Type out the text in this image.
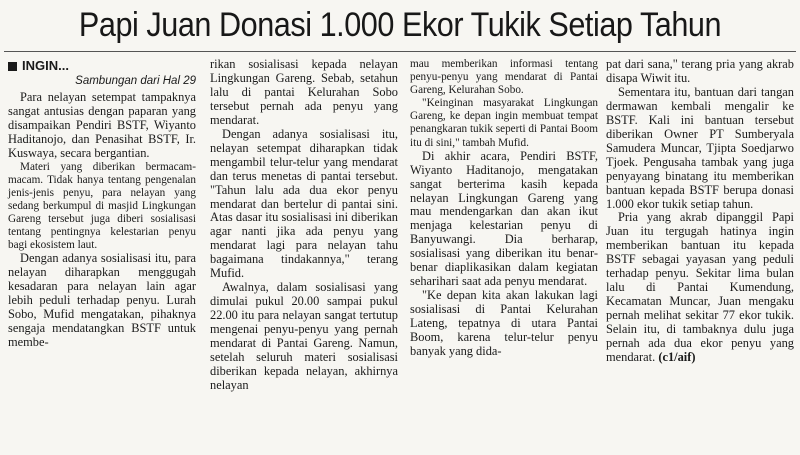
Papi Juan Donasi 1.000 Ekor Tukik Setiap Tahun
INGIN...
Sambungan dari Hal 29

Para nelayan setempat tampaknya sangat antusias dengan paparan yang disampaikan Pendiri BSTF, Wiyanto Haditanojo, dan Penasihat BSTF, Ir. Kuswaya, secara bergantian.

Materi yang diberikan bermacam-macam. Tidak hanya tentang pengenalan jenis-jenis penyu, para nelayan yang sedang berkumpul di masjid Lingkungan Gareng tersebut juga diberi sosialisasi tentang pentingnya kelestarian penyu bagi ekosistem laut.

Dengan adanya sosialisasi itu, para nelayan diharapkan menggugah kesadaran para nelayan lain agar lebih peduli terhadap penyu. Lurah Sobo, Mufid mengatakan, pihaknya sengaja mendatangkan BSTF untuk membe-

rikan sosialisasi kepada nelayan Lingkungan Gareng. Sebab, setahun lalu di pantai Kelurahan Sobo tersebut pernah ada penyu yang mendarat.

Dengan adanya sosialisasi itu, nelayan setempat diharapkan tidak mengambil telur-telur yang mendarat dan terus menetas di pantai tersebut. "Tahun lalu ada dua ekor penyu mendarat dan bertelur di pantai sini. Atas dasar itu sosialisasi ini diberikan agar nanti jika ada penyu yang mendarat lagi para nelayan tahu bagaimana tindakannya," terang Mufid.

Awalnya, dalam sosialisasi yang dimulai pukul 20.00 sampai pukul 22.00 itu para nelayan sangat tertutup mengenai penyu-penyu yang pernah mendarat di Pantai Gareng. Namun, setelah seluruh materi sosialisasi diberikan kepada nelayan, akhirnya nelayan

mau memberikan informasi tentang penyu-penyu yang mendarat di Pantai Gareng, Kelurahan Sobo.

"Keinginan masyarakat Lingkungan Gareng, ke depan ingin membuat tempat penangkaran tukik seperti di Pantai Boom itu di sini," tambah Mufid.

Di akhir acara, Pendiri BSTF, Wiyanto Haditanojo, mengatakan sangat berterima kasih kepada nelayan Lingkungan Gareng yang mau mendengarkan dan akan ikut menjaga kelestarian penyu di Banyuwangi. Dia berharap, sosialisasi yang diberikan itu benar-benar diaplikasikan dalam kegiatan seharihari saat ada penyu mendarat.

"Ke depan kita akan lakukan lagi sosialisasi di Pantai Kelurahan Lateng, tepatnya di utara Pantai Boom, karena telur-telur penyu banyak yang dida-

pat dari sana," terang pria yang akrab disapa Wiwit itu.

Sementara itu, bantuan dari tangan dermawan kembali mengalir ke BSTF. Kali ini bantuan tersebut diberikan Owner PT Sumberyala Samudera Muncar, Tjipta Soedjarwo Tjoek. Pengusaha tambak yang juga penyayang binatang itu memberikan bantuan kepada BSTF berupa donasi 1.000 ekor tukik setiap tahun.

Pria yang akrab dipanggil Papi Juan itu tergugah hatinya ingin memberikan bantuan itu kepada BSTF sebagai yayasan yang peduli terhadap penyu. Sekitar lima bulan lalu di Pantai Kumendung, Kecamatan Muncar, Juan mengaku pernah melihat sekitar 77 ekor tukik. Selain itu, di tambaknya dulu juga pernah ada dua ekor penyu yang mendarat. (c1/aif)
